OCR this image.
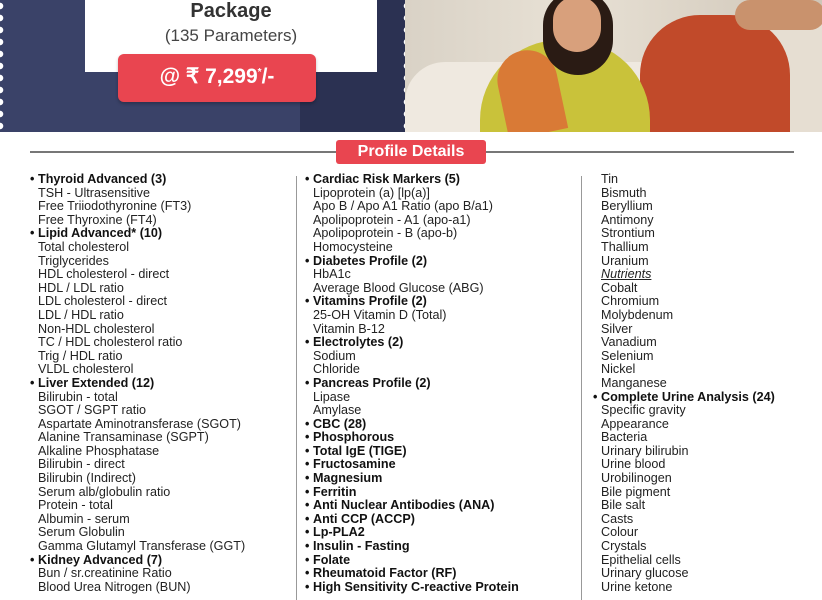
Package
(135 Parameters)
@ ₹ 7,299*/-
Profile Details
• Thyroid Advanced (3)
TSH - Ultrasensitive
Free Triiodothyronine (FT3)
Free Thyroxine (FT4)
• Lipid Advanced* (10)
Total cholesterol
Triglycerides
HDL cholesterol - direct
HDL / LDL ratio
LDL cholesterol - direct
LDL / HDL ratio
Non-HDL cholesterol
TC / HDL cholesterol ratio
Trig / HDL ratio
VLDL cholesterol
• Liver Extended (12)
Bilirubin - total
SGOT / SGPT ratio
Aspartate Aminotransferase (SGOT)
Alanine Transaminase (SGPT)
Alkaline Phosphatase
Bilirubin - direct
Bilirubin (Indirect)
Serum alb/globulin ratio
Protein - total
Albumin - serum
Serum Globulin
Gamma Glutamyl Transferase (GGT)
• Kidney Advanced (7)
Bun / sr.creatinine Ratio
Blood Urea Nitrogen (BUN)
• Cardiac Risk Markers (5)
Lipoprotein (a) [lp(a)]
Apo B / Apo A1 Ratio (apo B/a1)
Apolipoprotein - A1 (apo-a1)
Apolipoprotein - B (apo-b)
Homocysteine
• Diabetes Profile (2)
HbA1c
Average Blood Glucose (ABG)
• Vitamins Profile (2)
25-OH Vitamin D (Total)
Vitamin B-12
• Electrolytes (2)
Sodium
Chloride
• Pancreas Profile (2)
Lipase
Amylase
• CBC (28)
• Phosphorous
• Total IgE (TIGE)
• Fructosamine
• Magnesium
• Ferritin
• Anti Nuclear Antibodies (ANA)
• Anti CCP (ACCP)
• Lp-PLA2
• Insulin - Fasting
• Folate
• Rheumatoid Factor (RF)
• High Sensitivity C-reactive Protein
Tin
Bismuth
Beryllium
Antimony
Strontium
Thallium
Uranium
Nutrients
Cobalt
Chromium
Molybdenum
Silver
Vanadium
Selenium
Nickel
Manganese
• Complete Urine Analysis (24)
Specific gravity
Appearance
Bacteria
Urinary bilirubin
Urine blood
Urobilinogen
Bile pigment
Bile salt
Casts
Colour
Crystals
Epithelial cells
Urinary glucose
Urine ketone
